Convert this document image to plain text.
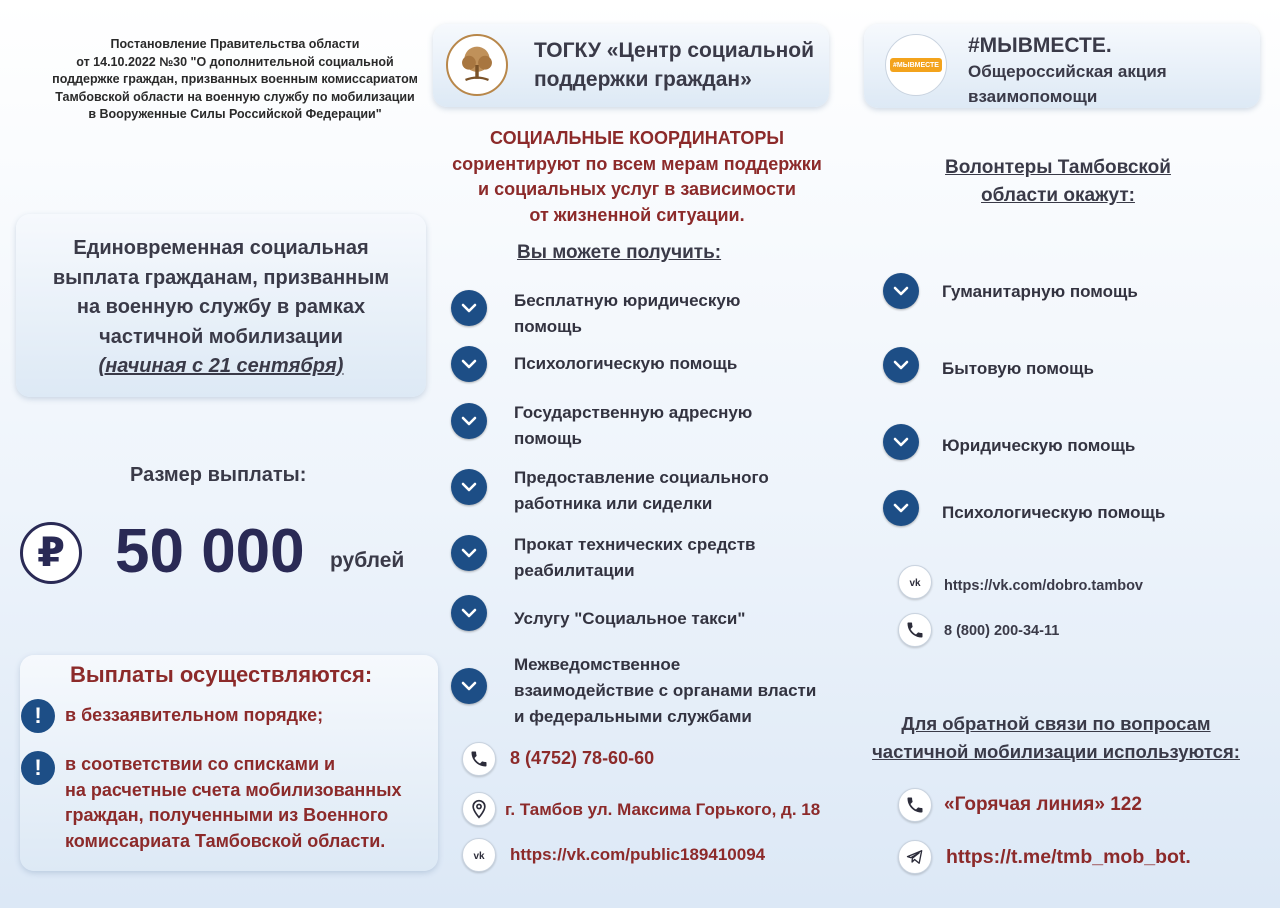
Постановление Правительства области
от 14.10.2022 №30 "О дополнительной социальной
поддержке граждан, призванных военным комиссариатом
Тамбовской области на военную службу по мобилизации
в Вооруженные Силы Российской Федерации"
Единовременная социальная
выплата гражданам, призванным
на военную службу в рамках
частичной мобилизации
(начиная с 21 сентября)
Размер выплаты:
₽ 50 000 рублей
Выплаты осуществляются:
!	в беззаявительном порядке;
!	в соответствии со списками и
на расчетные счета мобилизованных
граждан, полученными из Военного
комиссариата Тамбовской области.
ТОГКУ «Центр социальной
поддержки граждан»
СОЦИАЛЬНЫЕ КООРДИНАТОРЫ
сориентируют по всем мерам поддержки
и социальных услуг в зависимости
от жизненной ситуации.
Вы можете получить:
Бесплатную юридическую
помощь
Психологическую помощь
Государственную адресную
помощь
Предоставление социального
работника или сиделки
Прокат технических средств
реабилитации
Услугу "Социальное такси"
Межведомственное
взаимодействие с органами власти
и федеральными службами
8 (4752) 78-60-60
г. Тамбов ул. Максима Горького, д. 18
vk https://vk.com/public189410094
#МЫВМЕСТЕ
#МЫВМЕСТЕ.
Общероссийская акция
взаимопомощи
Волонтеры Тамбовской
области окажут:
Гуманитарную помощь
Бытовую помощь
Юридическую помощь
Психологическую помощь
vk https://vk.com/dobro.tambov
8 (800) 200-34-11
Для обратной связи по вопросам
частичной мобилизации используются:
«Горячая линия» 122
https://t.me/tmb_mob_bot.
